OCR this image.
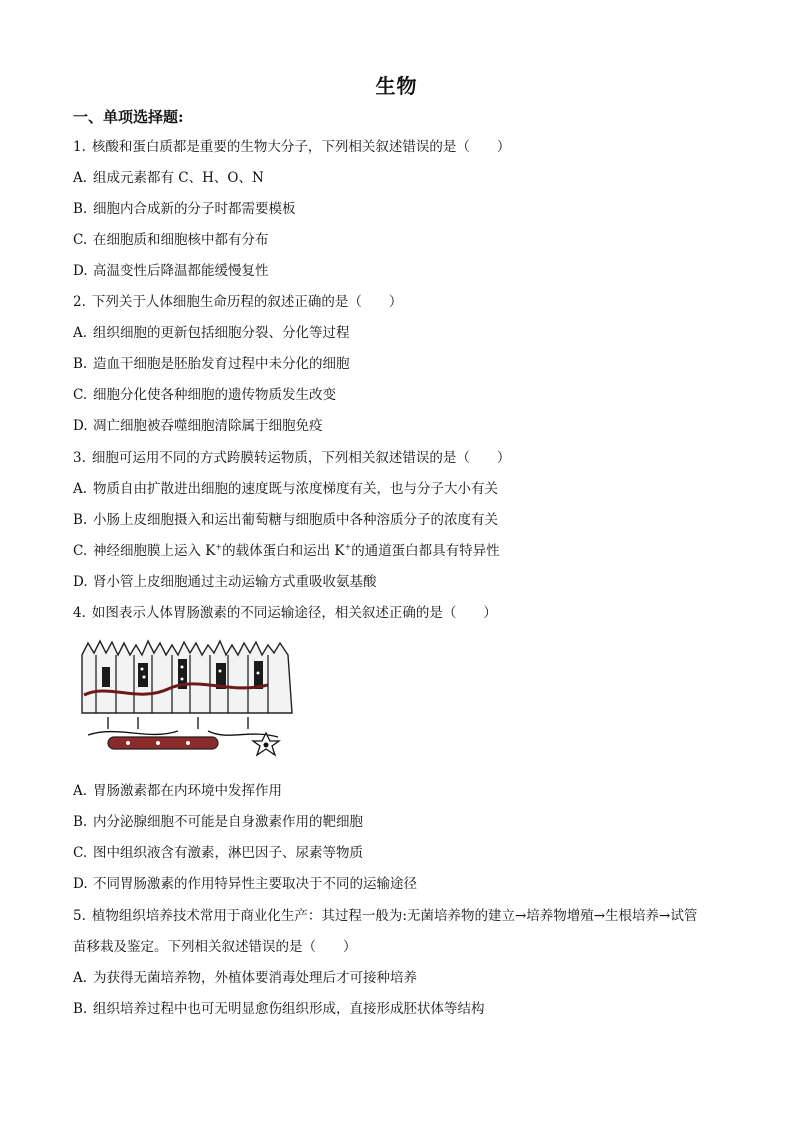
生物
一、单项选择题:
1. 核酸和蛋白质都是重要的生物大分子，下列相关叙述错误的是（　　）
A. 组成元素都有 C、H、O、N
B. 细胞内合成新的分子时都需要模板
C. 在细胞质和细胞核中都有分布
D. 高温变性后降温都能缓慢复性
2. 下列关于人体细胞生命历程的叙述正确的是（　　）
A. 组织细胞的更新包括细胞分裂、分化等过程
B. 造血干细胞是胚胎发育过程中未分化的细胞
C. 细胞分化使各种细胞的遗传物质发生改变
D. 凋亡细胞被吞噬细胞清除属于细胞免疫
3. 细胞可运用不同的方式跨膜转运物质，下列相关叙述错误的是（　　）
A. 物质自由扩散进出细胞的速度既与浓度梯度有关，也与分子大小有关
B. 小肠上皮细胞摄入和运出葡萄糖与细胞质中各种溶质分子的浓度有关
C. 神经细胞膜上运入 K+的载体蛋白和运出 K+的通道蛋白都具有特异性
D. 肾小管上皮细胞通过主动运输方式重吸收氨基酸
4. 如图表示人体胃肠激素的不同运输途径，相关叙述正确的是（　　）
A. 胃肠激素都在内环境中发挥作用
B. 内分泌腺细胞不可能是自身激素作用的靶细胞
C. 图中组织液含有激素，淋巴因子、尿素等物质
D. 不同胃肠激素的作用特异性主要取决于不同的运输途径
5. 植物组织培养技术常用于商业化生产：其过程一般为:无菌培养物的建立→培养物增殖→生根培养→试管
苗移栽及鉴定。下列相关叙述错误的是（　　）
A. 为获得无菌培养物，外植体要消毒处理后才可接种培养
B. 组织培养过程中也可无明显愈伤组织形成，直接形成胚状体等结构
